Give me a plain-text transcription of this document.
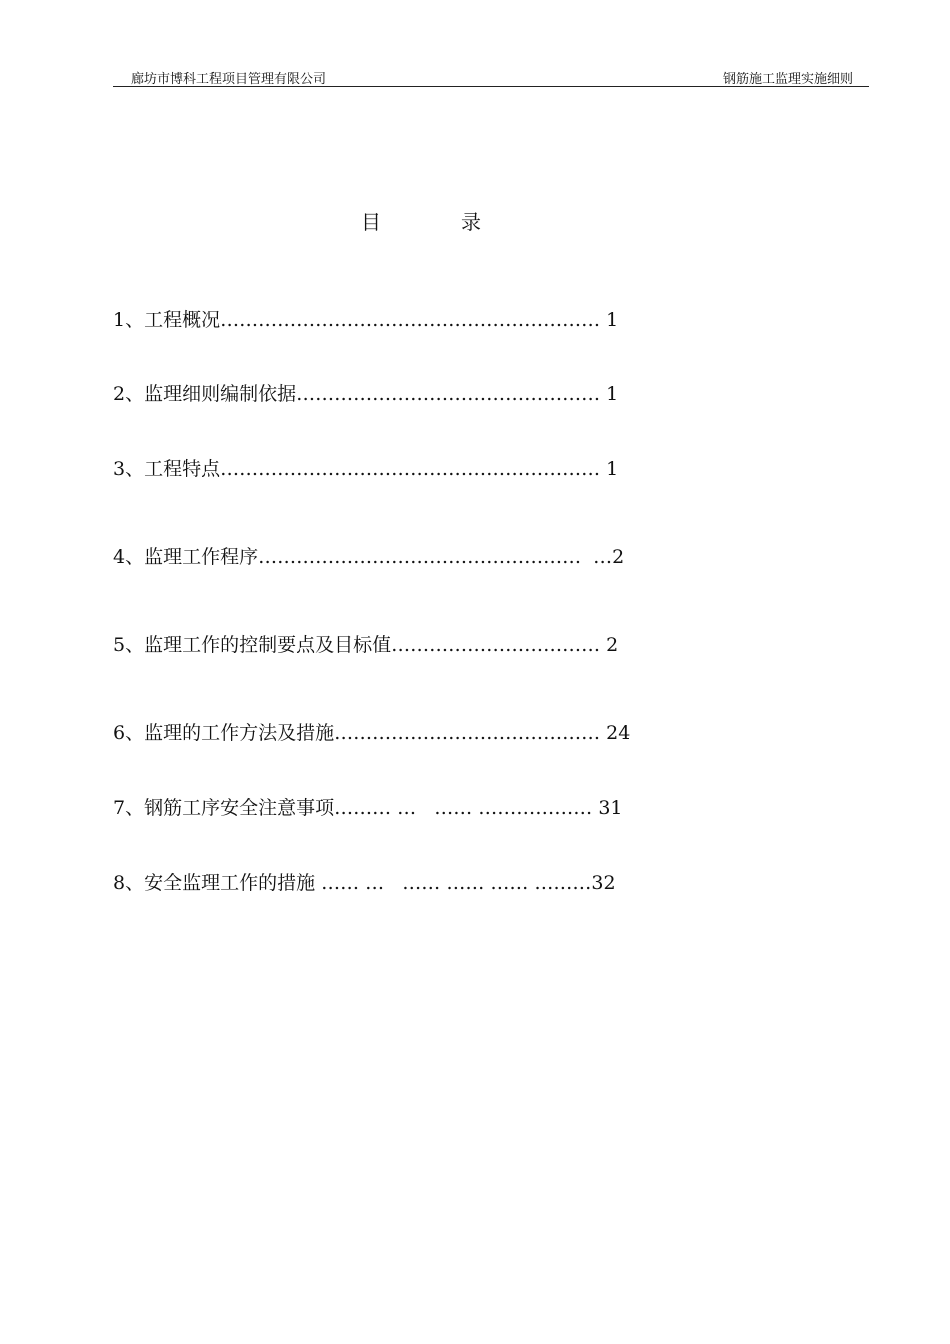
廊坊市博科工程项目管理有限公司	钢筋施工监理实施细则
目	录
1、工程概况…………………………………………………… 1
2、监理细则编制依据………………………………………… 1
3、工程特点…………………………………………………… 1
4、监理工作程序……………………………………………  …2
5、监理工作的控制要点及目标值…………………………… 2
6、监理的工作方法及措施…………………………………… 24
7、钢筋工序安全注意事项……… …   …… ……………… 31
8、安全监理工作的措施 …… …   …… …… …… ………32
